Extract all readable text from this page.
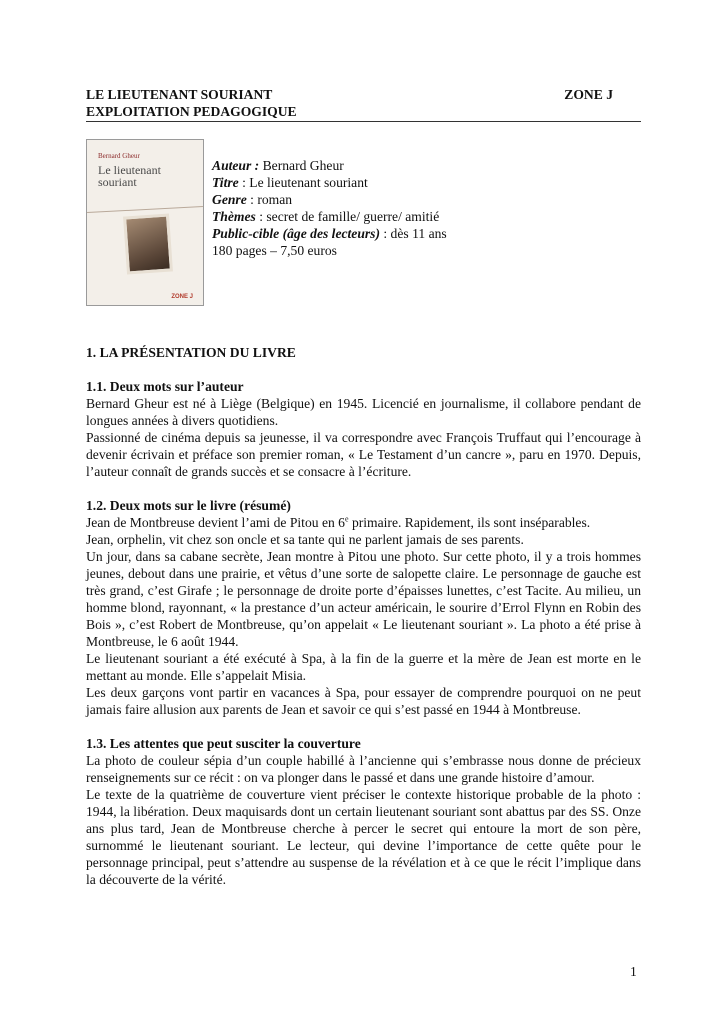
LE LIEUTENANT SOURIANT	ZONE J
EXPLOITATION PEDAGOGIQUE
Bernard Gheur
Le lieutenant
souriant
ZONE J
Auteur : Bernard Gheur
Titre : Le lieutenant souriant
Genre : roman
Thèmes : secret de famille/ guerre/ amitié
Public-cible (âge des lecteurs) : dès 11 ans
180 pages – 7,50 euros
1. LA PRÉSENTATION DU LIVRE
1.1. Deux mots sur l’auteur

Bernard Gheur est né à Liège (Belgique) en 1945. Licencié en journalisme, il collabore pendant de longues années à divers quotidiens.

Passionné de cinéma depuis sa jeunesse, il va correspondre avec François Truffaut qui l’encourage à devenir écrivain et préface son premier roman, « Le Testament d’un cancre », paru en 1970. Depuis, l’auteur connaît de grands succès et se consacre à l’écriture.

1.2. Deux mots sur le livre (résumé)

Jean de Montbreuse devient l’ami de Pitou en 6e primaire. Rapidement, ils sont inséparables.

Jean, orphelin, vit chez son oncle et sa tante qui ne parlent jamais de ses parents.

Un jour, dans sa cabane secrète, Jean montre à Pitou une photo. Sur cette photo, il y a trois hommes jeunes, debout dans une prairie, et vêtus d’une sorte de salopette claire. Le personnage de gauche est très grand, c’est Girafe ; le personnage de droite porte d’épaisses lunettes, c’est Tacite. Au milieu, un homme blond, rayonnant, « la prestance d’un acteur américain, le sourire d’Errol Flynn en Robin des Bois », c’est Robert de Montbreuse, qu’on appelait « Le lieutenant souriant ». La photo a été prise à Montbreuse, le 6 août 1944.

Le lieutenant souriant a été exécuté à Spa, à la fin de la guerre et la mère de Jean est morte en le mettant au monde. Elle s’appelait Misia.

Les deux garçons vont partir en vacances à Spa, pour essayer de comprendre pourquoi on ne peut jamais faire allusion aux parents de Jean et savoir ce qui s’est passé en 1944 à Montbreuse.

1.3. Les attentes que peut susciter la couverture

La photo de couleur sépia d’un couple habillé à l’ancienne qui s’embrasse nous donne de précieux renseignements sur ce récit : on va plonger dans le passé et dans une grande histoire d’amour.

Le texte de la quatrième de couverture vient préciser le contexte historique probable de la photo : 1944, la libération. Deux maquisards dont un certain lieutenant souriant sont abattus par des SS. Onze ans plus tard, Jean de Montbreuse cherche à percer le secret qui entoure la mort de son père, surnommé le lieutenant souriant. Le lecteur, qui devine l’importance de cette quête pour le personnage principal, peut s’attendre au suspense de la révélation et à ce que le récit l’implique dans la découverte de la vérité.

1
